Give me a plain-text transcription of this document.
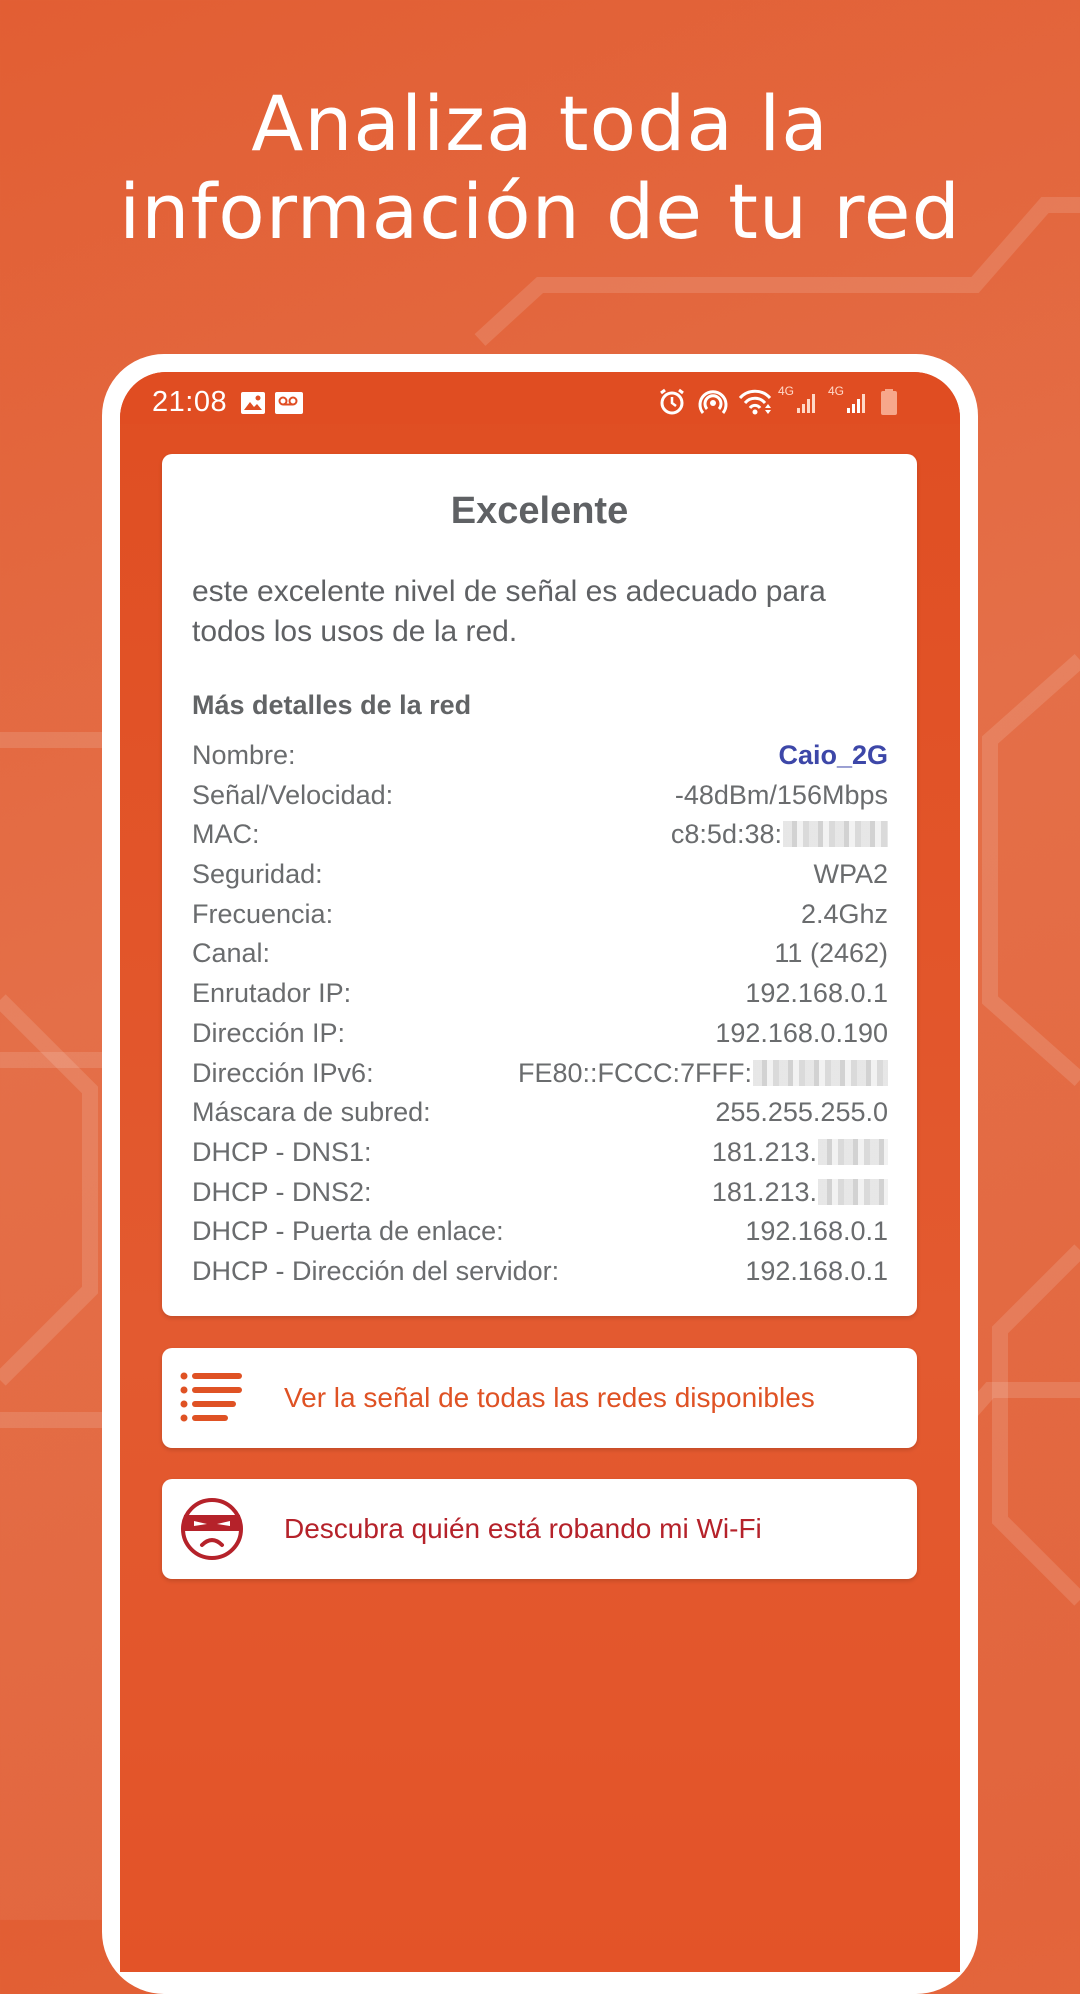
Analiza toda la
información de tu red
21:08	4G	4G
Excelente
este excelente nivel de señal es adecuado para todos los usos de la red.
Más detalles de la red
Nombre:	Caio_2G
Señal/Velocidad:	-48dBm/156Mbps
MAC:	c8:5d:38:
Seguridad:	WPA2
Frecuencia:	2.4Ghz
Canal:	11 (2462)
Enrutador IP:	192.168.0.1
Dirección IP:	192.168.0.190
Dirección IPv6:	FE80::FCCC:7FFF:
Máscara de subred:	255.255.255.0
DHCP - DNS1:	181.213.
DHCP - DNS2:	181.213.
DHCP - Puerta de enlace:	192.168.0.1
DHCP - Dirección del servidor:	192.168.0.1
Ver la señal de todas las redes disponibles
Descubra quién está robando mi Wi-Fi
